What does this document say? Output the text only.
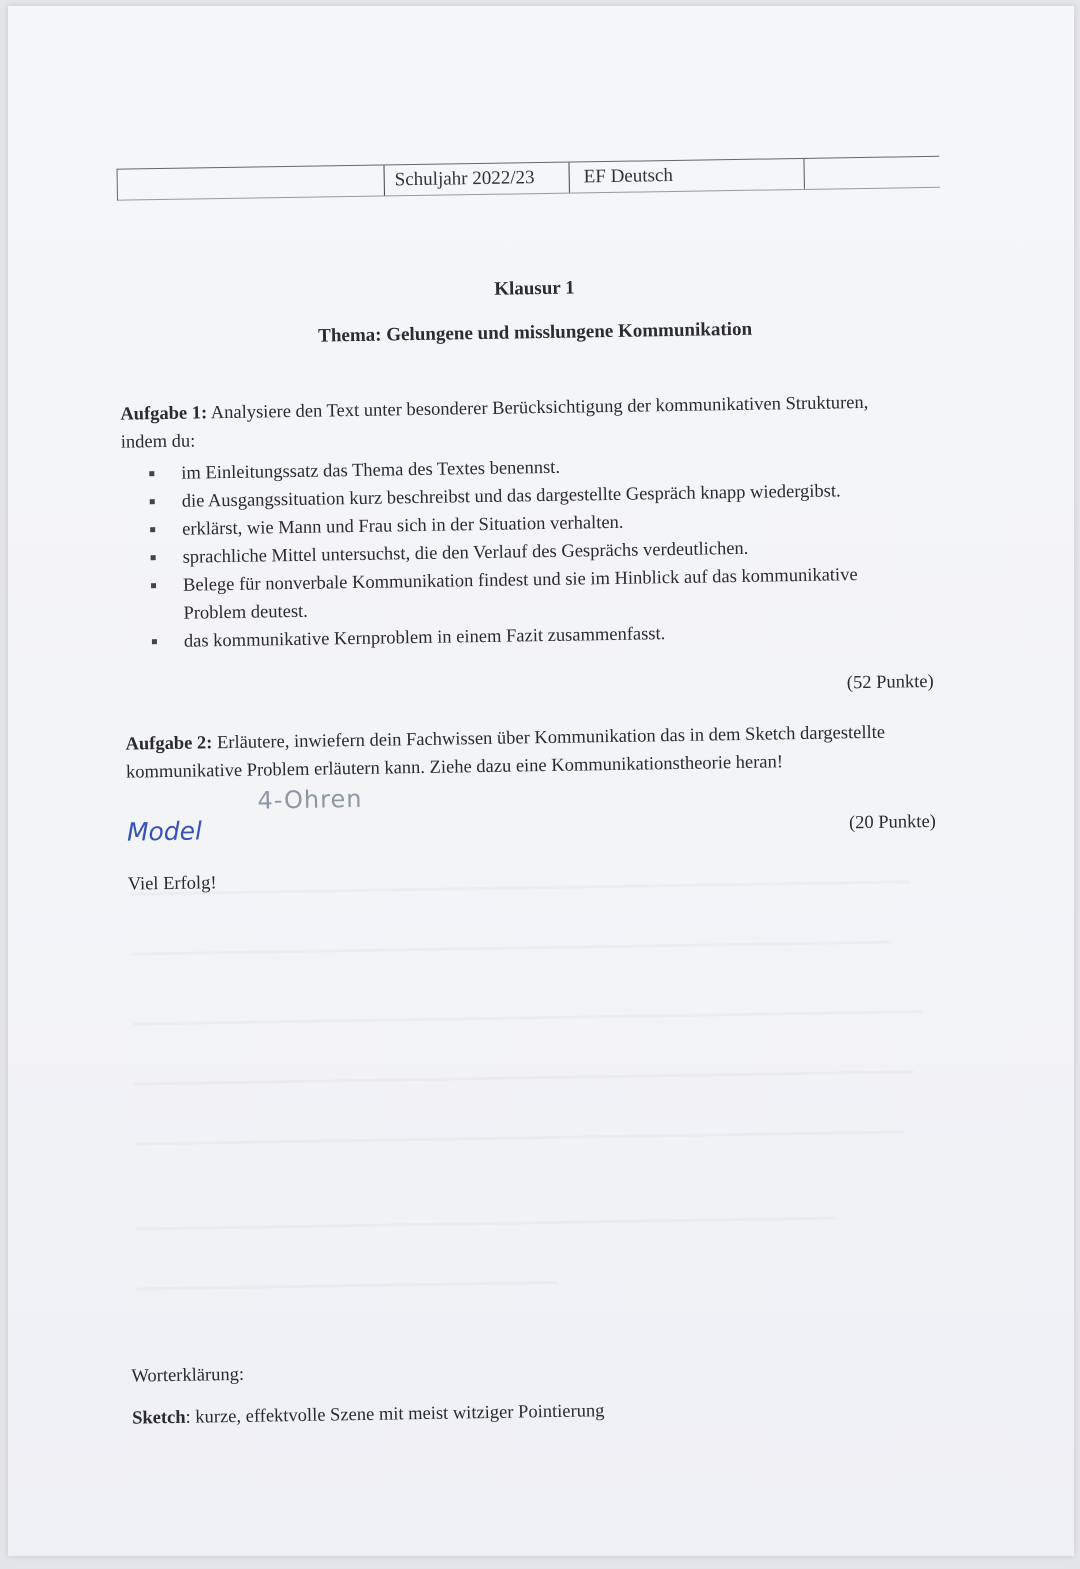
Schuljahr 2022/23	EF Deutsch
Klausur 1
Thema: Gelungene und misslungene Kommunikation
Aufgabe 1: Analysiere den Text unter besonderer Berücksichtigung der kommunikativen Strukturen, indem du:
im Einleitungssatz das Thema des Textes benennst.
die Ausgangssituation kurz beschreibst und das dargestellte Gespräch knapp wiedergibst.
erklärst, wie Mann und Frau sich in der Situation verhalten.
sprachliche Mittel untersuchst, die den Verlauf des Gesprächs verdeutlichen.
Belege für nonverbale Kommunikation findest und sie im Hinblick auf das kommunikative Problem deutest.
das kommunikative Kernproblem in einem Fazit zusammenfasst.
(52 Punkte)
Aufgabe 2: Erläutere, inwiefern dein Fachwissen über Kommunikation das in dem Sketch dargestellte kommunikative Problem erläutern kann. Ziehe dazu eine Kommunikationstheorie heran!
(20 Punkte)
4-Ohren
Model
Viel Erfolg!
Worterklärung:
Sketch: kurze, effektvolle Szene mit meist witziger Pointierung
